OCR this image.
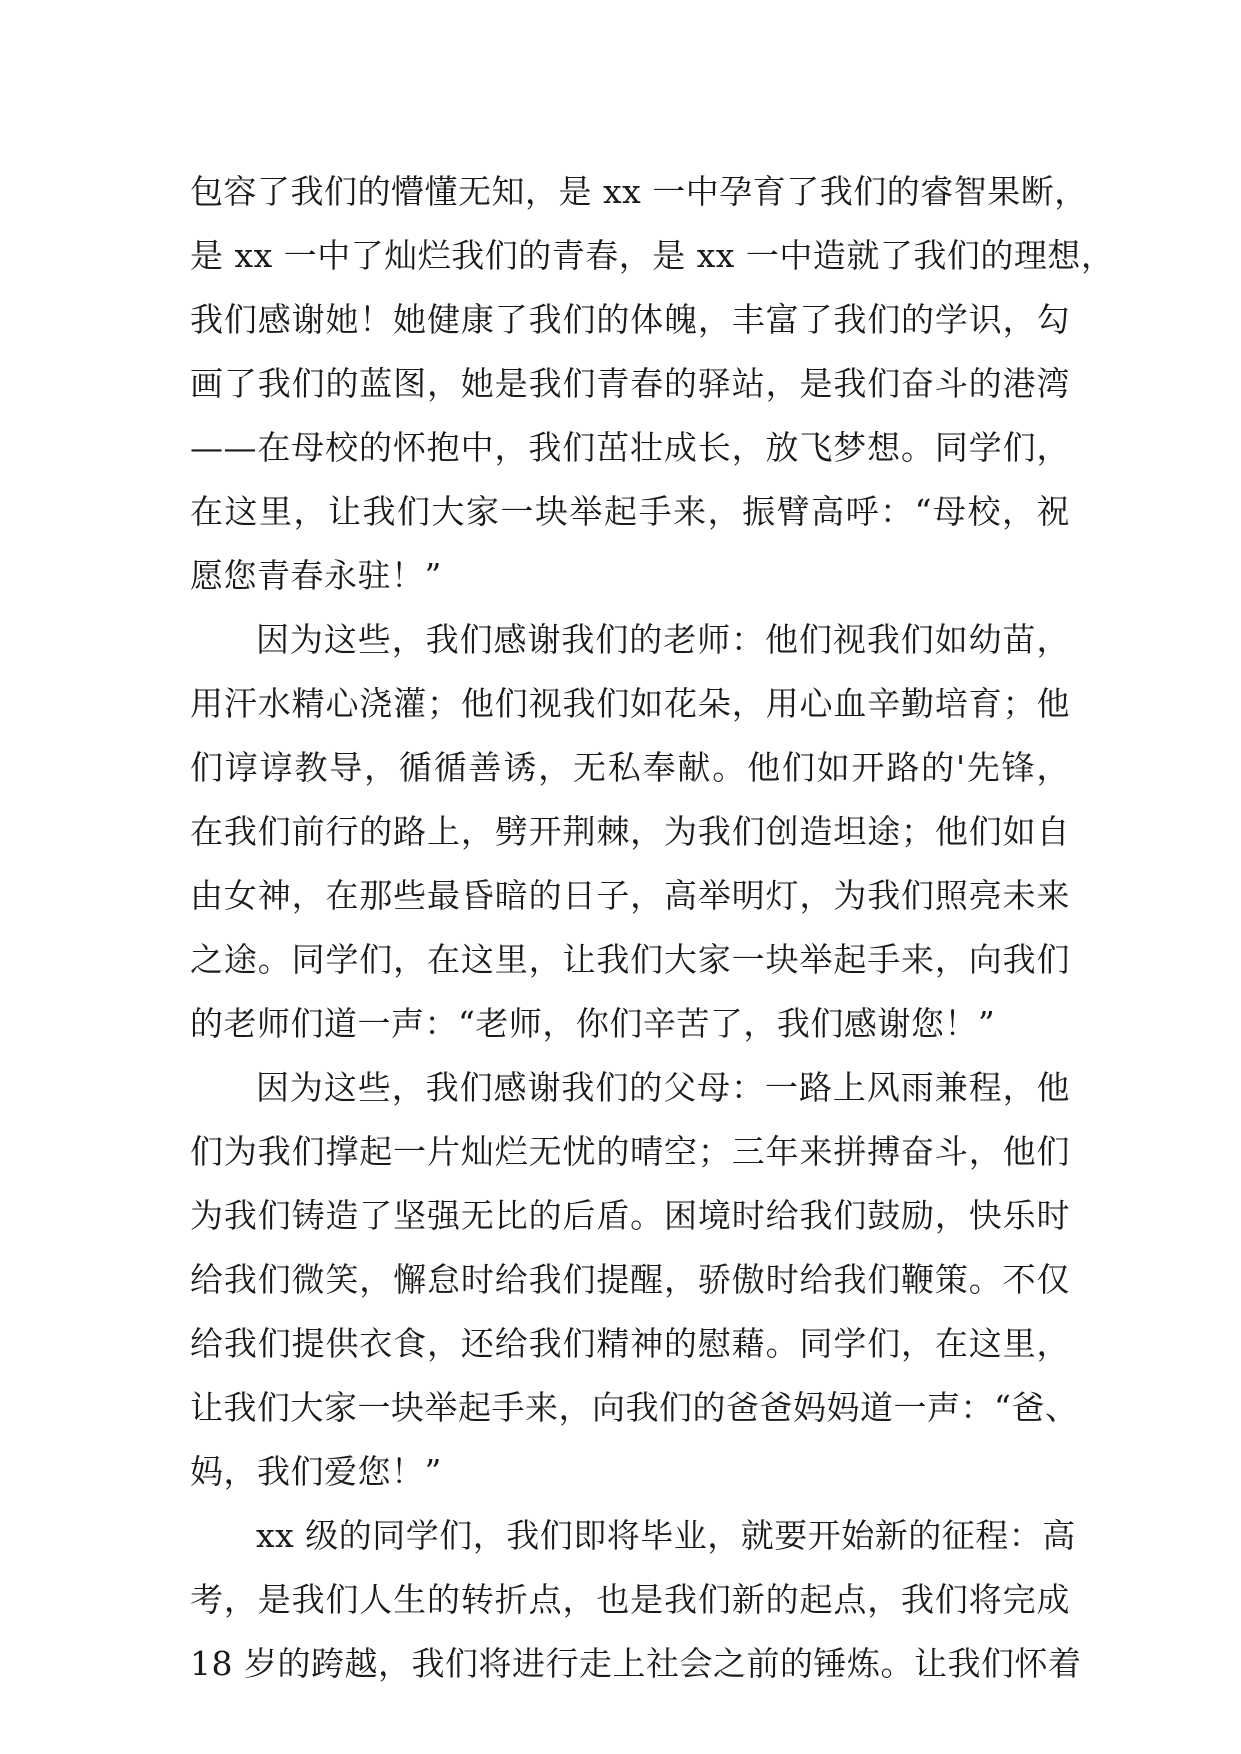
包容了我们的懵懂无知，是 xx 一中孕育了我们的睿智果断，
是 xx 一中了灿烂我们的青春，是 xx 一中造就了我们的理想，
我们感谢她！她健康了我们的体魄，丰富了我们的学识，勾
画了我们的蓝图，她是我们青春的驿站，是我们奋斗的港湾
——在母校的怀抱中，我们茁壮成长，放飞梦想。同学们，
在这里，让我们大家一块举起手来，振臂高呼：“母校，祝
愿您青春永驻！”
因为这些，我们感谢我们的老师：他们视我们如幼苗，
用汗水精心浇灌；他们视我们如花朵，用心血辛勤培育；他
们谆谆教导，循循善诱，无私奉献。他们如开路的'先锋，
在我们前行的路上，劈开荆棘，为我们创造坦途；他们如自
由女神，在那些最昏暗的日子，高举明灯，为我们照亮未来
之途。同学们，在这里，让我们大家一块举起手来，向我们
的老师们道一声：“老师，你们辛苦了，我们感谢您！”
因为这些，我们感谢我们的父母：一路上风雨兼程，他
们为我们撑起一片灿烂无忧的晴空；三年来拼搏奋斗，他们
为我们铸造了坚强无比的后盾。困境时给我们鼓励，快乐时
给我们微笑，懈怠时给我们提醒，骄傲时给我们鞭策。不仅
给我们提供衣食，还给我们精神的慰藉。同学们，在这里，
让我们大家一块举起手来，向我们的爸爸妈妈道一声：“爸、
妈，我们爱您！”
xx 级的同学们，我们即将毕业，就要开始新的征程：高
考，是我们人生的转折点，也是我们新的起点，我们将完成
18 岁的跨越，我们将进行走上社会之前的锤炼。让我们怀着
